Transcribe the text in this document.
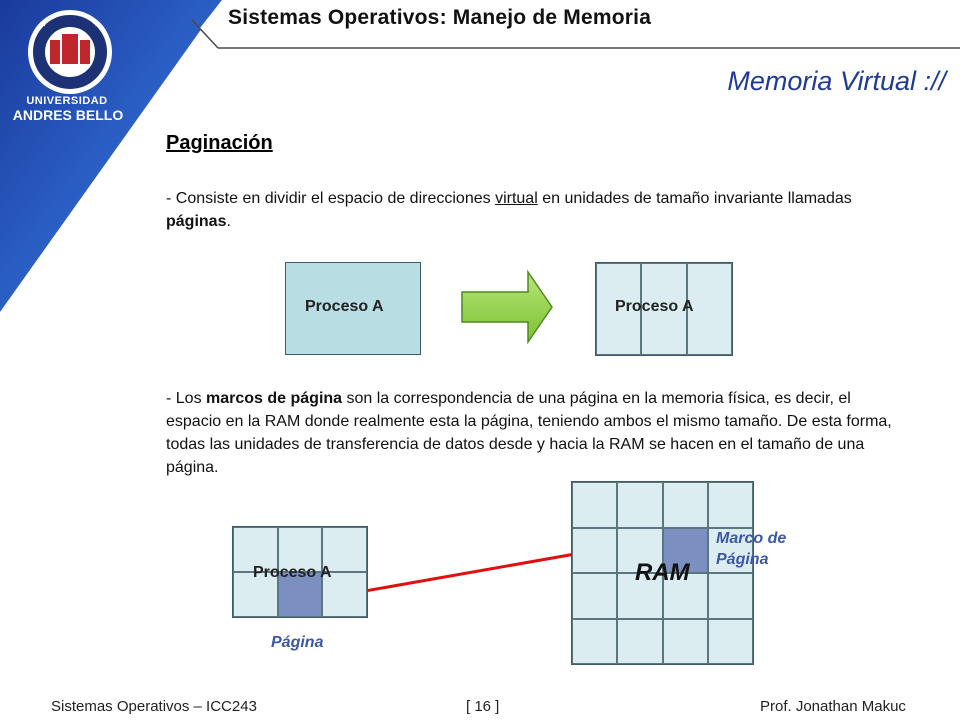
UNIVERSIDAD
ANDRES BELLO
Sistemas Operativos: Manejo de Memoria
Memoria Virtual ://
Paginación
- Consiste en dividir el espacio de direcciones virtual en unidades de tamaño invariante llamadas páginas.
Proceso A	Proceso A
- Los marcos de página son la correspondencia de una página en la memoria física, es decir, el espacio en la RAM donde realmente esta la página, teniendo ambos el mismo tamaño. De esta forma, todas las unidades de transferencia de datos desde y hacia la RAM se hacen en el tamaño de una página.
Proceso A
Página
RAM
Marco de
Página
Sistemas Operativos – ICC243	[ 16 ]	Prof. Jonathan Makuc
